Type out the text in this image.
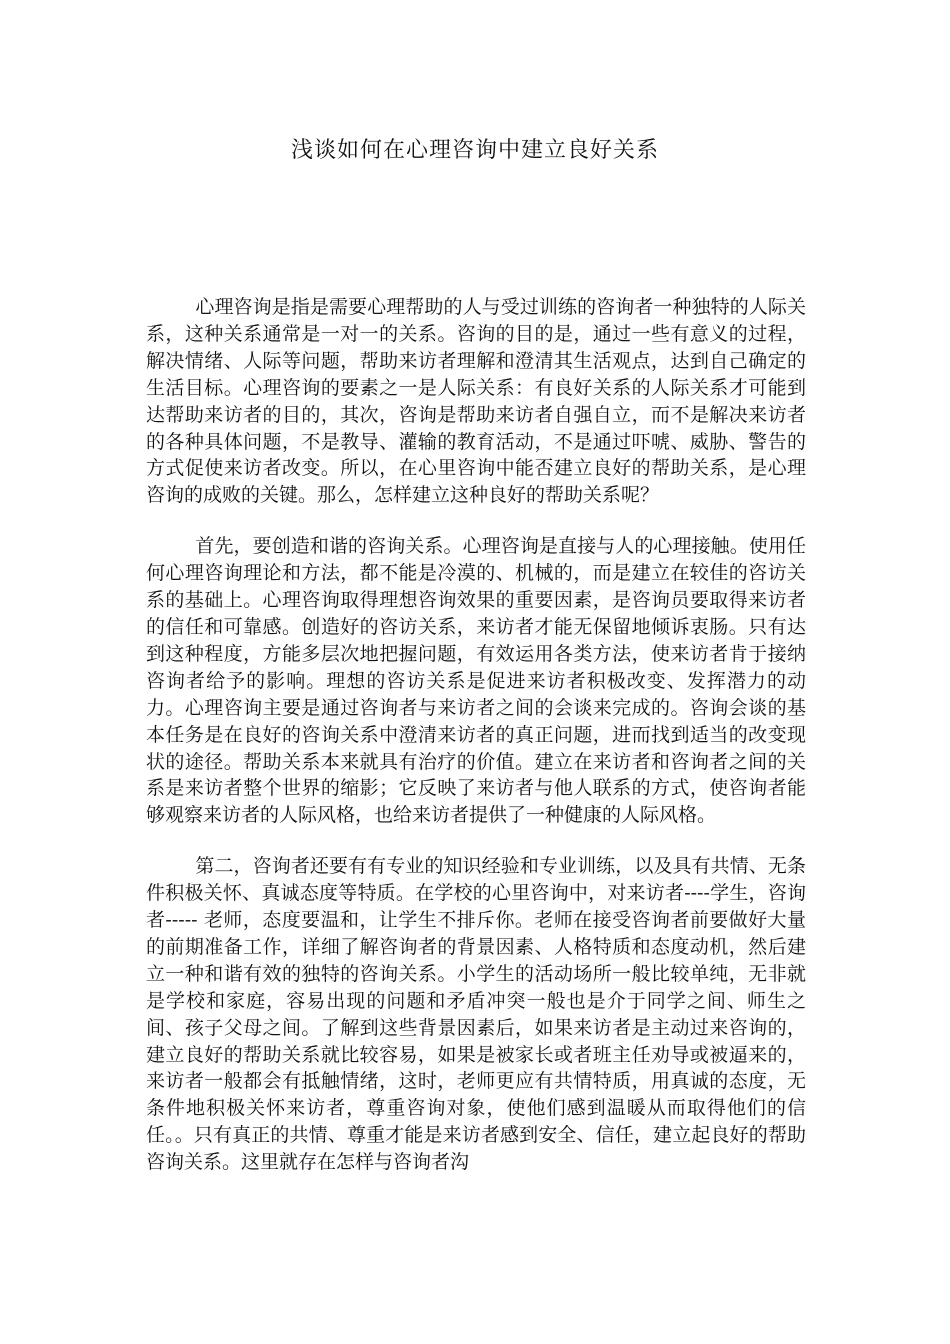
浅谈如何在心理咨询中建立良好关系

心理咨询是指是需要心理帮助的人与受过训练的咨询者一种独特的人际关系，这种关系通常是一对一的关系。咨询的目的是，通过一些有意义的过程，解决情绪、人际等问题，帮助来访者理解和澄清其生活观点，达到自己确定的生活目标。心理咨询的要素之一是人际关系：有良好关系的人际关系才可能到达帮助来访者的目的，其次，咨询是帮助来访者自强自立，而不是解决来访者的各种具体问题，不是教导、灌输的教育活动，不是通过吓唬、威胁、警告的方式促使来访者改变。所以，在心里咨询中能否建立良好的帮助关系，是心理咨询的成败的关键。那么，怎样建立这种良好的帮助关系呢？

首先，要创造和谐的咨询关系。心理咨询是直接与人的心理接触。使用任何心理咨询理论和方法，都不能是冷漠的、机械的，而是建立在较佳的咨访关系的基础上。心理咨询取得理想咨询效果的重要因素，是咨询员要取得来访者的信任和可靠感。创造好的咨访关系，来访者才能无保留地倾诉衷肠。只有达到这种程度，方能多层次地把握问题，有效运用各类方法，使来访者肯于接纳咨询者给予的影响。理想的咨访关系是促进来访者积极改变、发挥潜力的动力。心理咨询主要是通过咨询者与来访者之间的会谈来完成的。咨询会谈的基本任务是在良好的咨询关系中澄清来访者的真正问题，进而找到适当的改变现状的途径。帮助关系本来就具有治疗的价值。建立在来访者和咨询者之间的关系是来访者整个世界的缩影；它反映了来访者与他人联系的方式，使咨询者能够观察来访者的人际风格，也给来访者提供了一种健康的人际风格。

第二，咨询者还要有有专业的知识经验和专业训练，以及具有共情、无条件积极关怀、真诚态度等特质。在学校的心里咨询中，对来访者----学生，咨询者----- 老师，态度要温和，让学生不排斥你。老师在接受咨询者前要做好大量的前期准备工作，详细了解咨询者的背景因素、人格特质和态度动机，然后建立一种和谐有效的独特的咨询关系。小学生的活动场所一般比较单纯，无非就是学校和家庭，容易出现的问题和矛盾冲突一般也是介于同学之间、师生之间、孩子父母之间。了解到这些背景因素后，如果来访者是主动过来咨询的，建立良好的帮助关系就比较容易，如果是被家长或者班主任劝导或被逼来的，来访者一般都会有抵触情绪，这时，老师更应有共情特质，用真诚的态度，无条件地积极关怀来访者，尊重咨询对象，使他们感到温暖从而取得他们的信任。。只有真正的共情、尊重才能是来访者感到安全、信任，建立起良好的帮助咨询关系。这里就存在怎样与咨询者沟
